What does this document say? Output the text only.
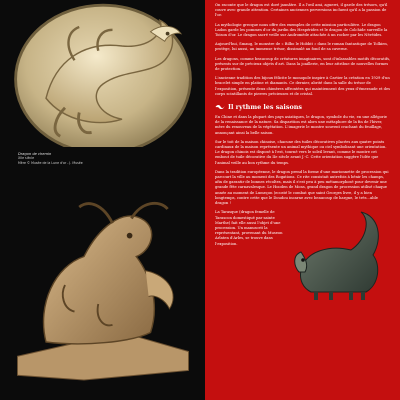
Dragon de chemin
XIIe siècle
Mère © Musée de la Lune d'or - J. Musée

On raconte que le dragon est doré jaunâtre. Il a l'œil ami, aguerri, il garde des trésors, qu'il couve avec grande attention. Certaines anciennes perversions incluent qu'il a la passion de l'or.

La mythologie grecque nous offre des exemples de cette mission particulière. Le dragon Ladon garde les pommes d'or du jardin des Hespérides et le dragon de Colchide surveille la Toison d'or. Le dragon sacré veille sur Andromède attachée à un rocher par les Néréides.

Aujourd'hui, Smaug, le monstre de « Bilbo le Hobbit » dans le roman fantastique de Tolkien, protège, lui aussi, un immense trésor, dissimulé au fond de sa caverne.

Les dragons, comme beaucoup de créatures imaginaires, sont d'inlassables motifs décoratifs, présents sur de précieux objets d'art. Dans la joaillerie, en leur attribue de nouvelles formes de protection.

L'ancienne tradition des bijoux félicite le monopole inspire à Cartier la création en 1929 d'un bracelet simple en platine et diamants. Ce dernier, abrité dans la salle du trésor de l'exposition, présente deux chimères affrontées qui maintiennent des yeux d'émeraude et des corps scintillants de pierres précieuses et de cristal.

Il rythme les saisons

En Chine et dans la plupart des pays asiatiques, le dragon, symbole du vie, en une allégorie de la renaissance de la nature. Sa disparition est alors une métaphore de la fin de l'hiver, mère du renouveau de la végétation. L'imagerie le montre souvent crachant du feuillage, annonçant ainsi la belle saison.

Sur le toit de la maison chinoise, chacune des tuiles décoratives placées aux quatre points cardinaux de la maison représente un animal mythique ou ciel symbolisant une orientation. Le dragon chinois est disposé à l'est, tourné vers le soleil levant, comme le montre cet embout de tuile décorative du IIe siècle avant J.-C. Cette orientation suggère l'idée que l'animal veille au bon rythme du temps.

Dans la tradition européenne, le dragon prend la forme d'une marionnette de procession qui parcourt la ville au moment des Rogations. Ce rite consistait autrefois à bénir les champs, afin de garantir de bonnes récoltes, mais il s'est peu à peu métamorphosé pour devenir une grande fête carnavalesque. Le Hooden de Mons, grand dragon de procession utilisé chaque année au moment de Lumeçon (ecosté le combat que saint Georges livre, il y a bien longtemps, contre cette que le Doudou incarne avec beaucoup de hargne, le très...able dragon !

La Tarasque (dragon femelle de Tarascon domestiqué par sainte Marthe) fait elle aussi l'objet d'une procession. Un manuscrit la représentant, provenant du Museon Arlaten d'Arles, se trouve dans l'exposition.
